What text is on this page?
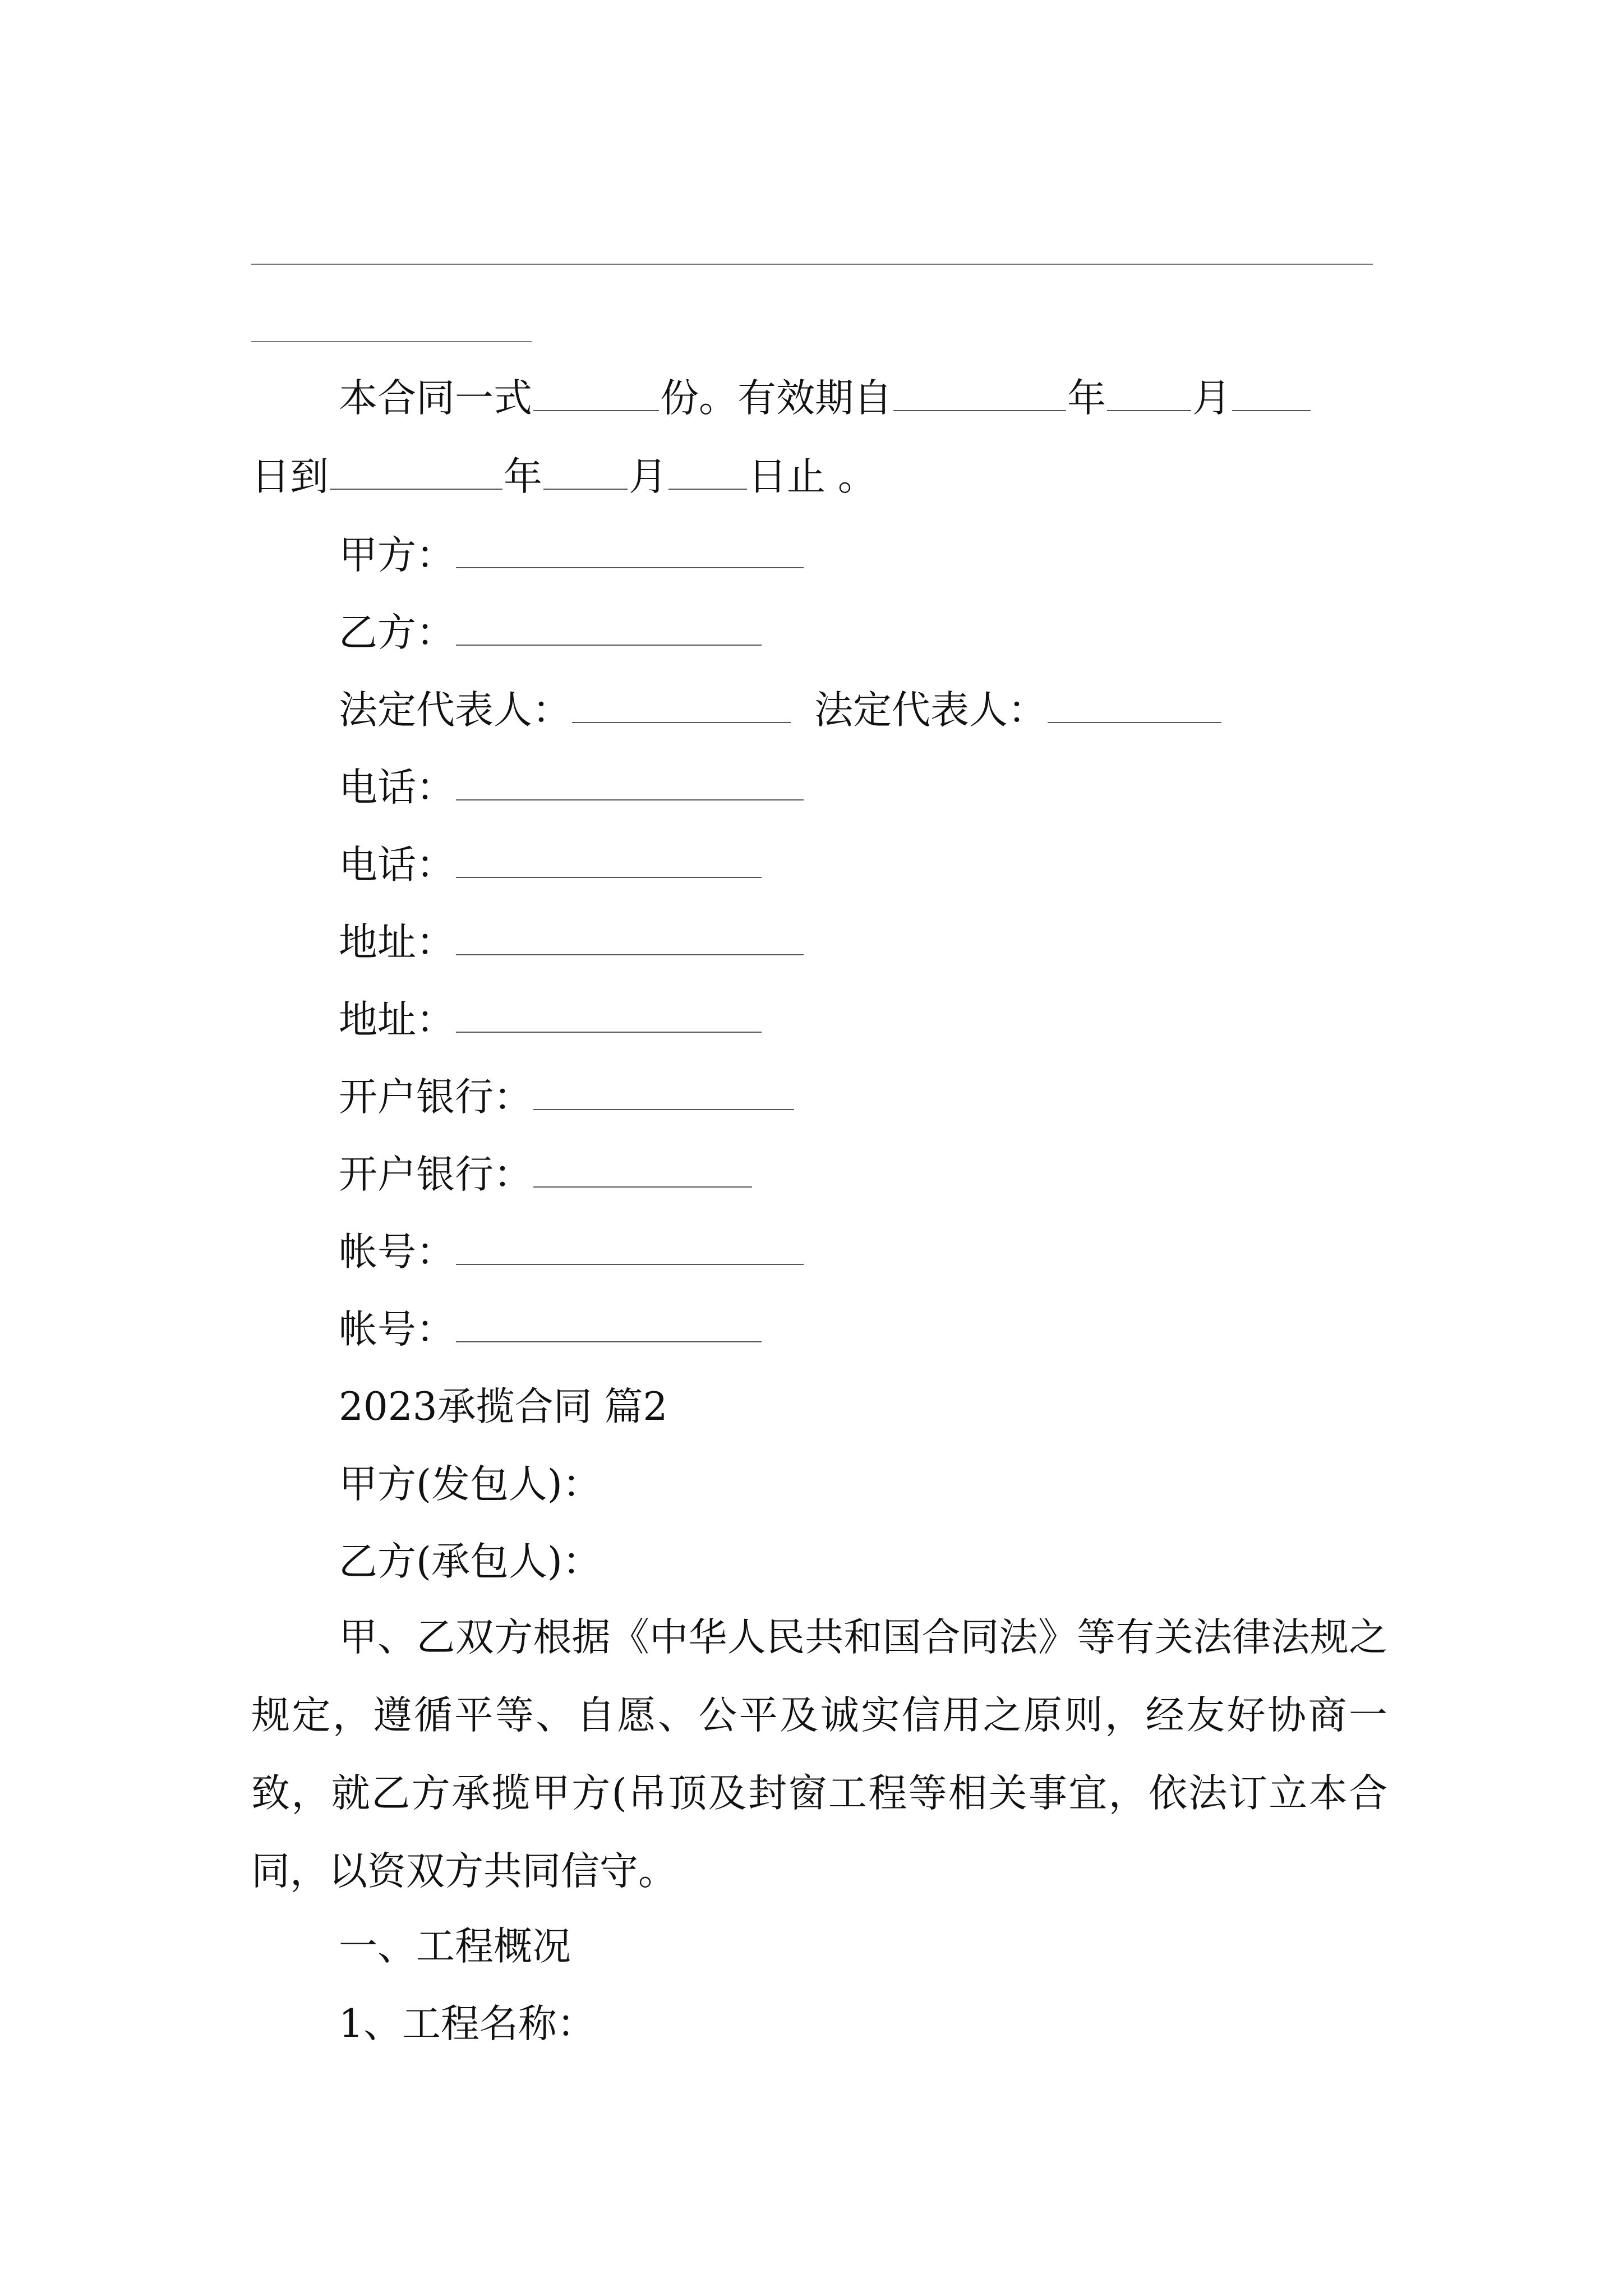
本合同一式	份。有效期自	年 月
日到	年 月 日止 。
甲方：
乙方：
法定代表人：	法定代表人：
电话：
电话：
地址：
地址：
开户银行：
开户银行：
帐号：
帐号：
2023承揽合同 篇2
甲方(发包人)：
乙方(承包人)：

甲、乙双方根据《中华人民共和国合同法》等有关法律法规之规定，遵循平等、自愿、公平及诚实信用之原则，经友好协商一致，就乙方承揽甲方(吊顶及封窗工程等相关事宜，依法订立本合同，以资双方共同信守。

一、工程概况
1、工程名称：
